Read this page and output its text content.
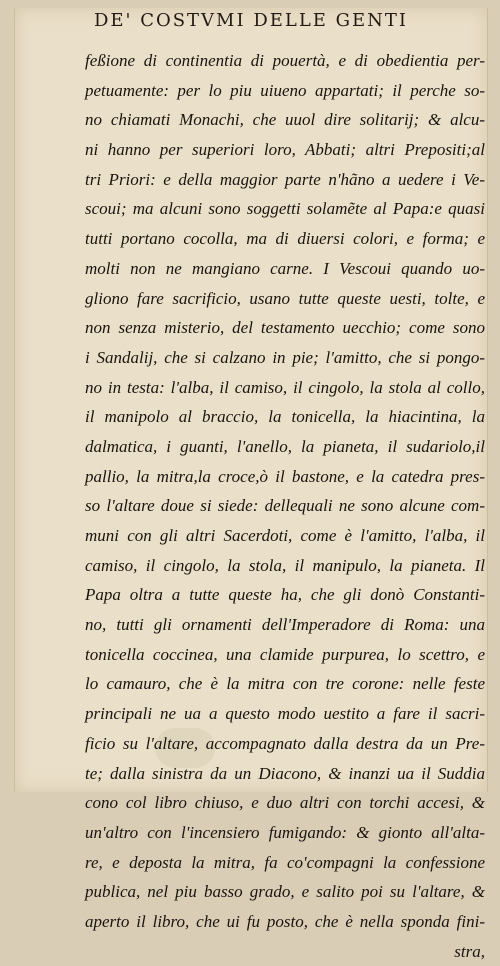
DE' COSTVMI DELLE GENTI
feßione di continentia di pouertà, e di obedientia per-
petuamente: per lo piu uiueno appartati; il perche so-
no chiamati Monachi, che uuol dire solitarij; & alcu-
ni hanno per superiori loro, Abbati; altri Prepositi;al
tri Priori: e della maggior parte n'hãno a uedere i Ve-
scoui; ma alcuni sono soggetti solamẽte al Papa:e quasi
tutti portano cocolla, ma di diuersi colori, e forma; e
molti non ne mangiano carne. I Vescoui quando uo-
gliono fare sacrificio, usano tutte queste uesti, tolte, e
non senza misterio, del testamento uecchio; come sono
i Sandalij, che si calzano in pie; l'amitto, che si pongo-
no in testa: l'alba, il camiso, il cingolo, la stola al collo,
il manipolo al braccio, la tonicella, la hiacintina, la
dalmatica, i guanti, l'anello, la pianeta, il sudariolo,il
pallio, la mitra,la croce,ò il bastone, e la catedra pres-
so l'altare doue si siede: dellequali ne sono alcune com-
muni con gli altri Sacerdoti, come è l'amitto, l'alba, il
camiso, il cingolo, la stola, il manipulo, la pianeta. Il
Papa oltra a tutte queste ha, che gli donò Constanti-
no, tutti gli ornamenti dell'Imperadore di Roma: una
tonicella coccinea, una clamide purpurea, lo scettro, e
lo camauro, che è la mitra con tre corone: nelle feste
principali ne ua a questo modo uestito a fare il sacri-
ficio su l'altare, accompagnato dalla destra da un Pre-
te; dalla sinistra da un Diacono, & inanzi ua il Suddia
cono col libro chiuso, e duo altri con torchi accesi, &
un'altro con l'incensiero fumigando: & gionto all'alta-
re, e deposta la mitra, fa co'compagni la confessione
publica, nel piu basso grado, e salito poi su l'altare, &
aperto il libro, che ui fu posto, che è nella sponda fini-
stra,
